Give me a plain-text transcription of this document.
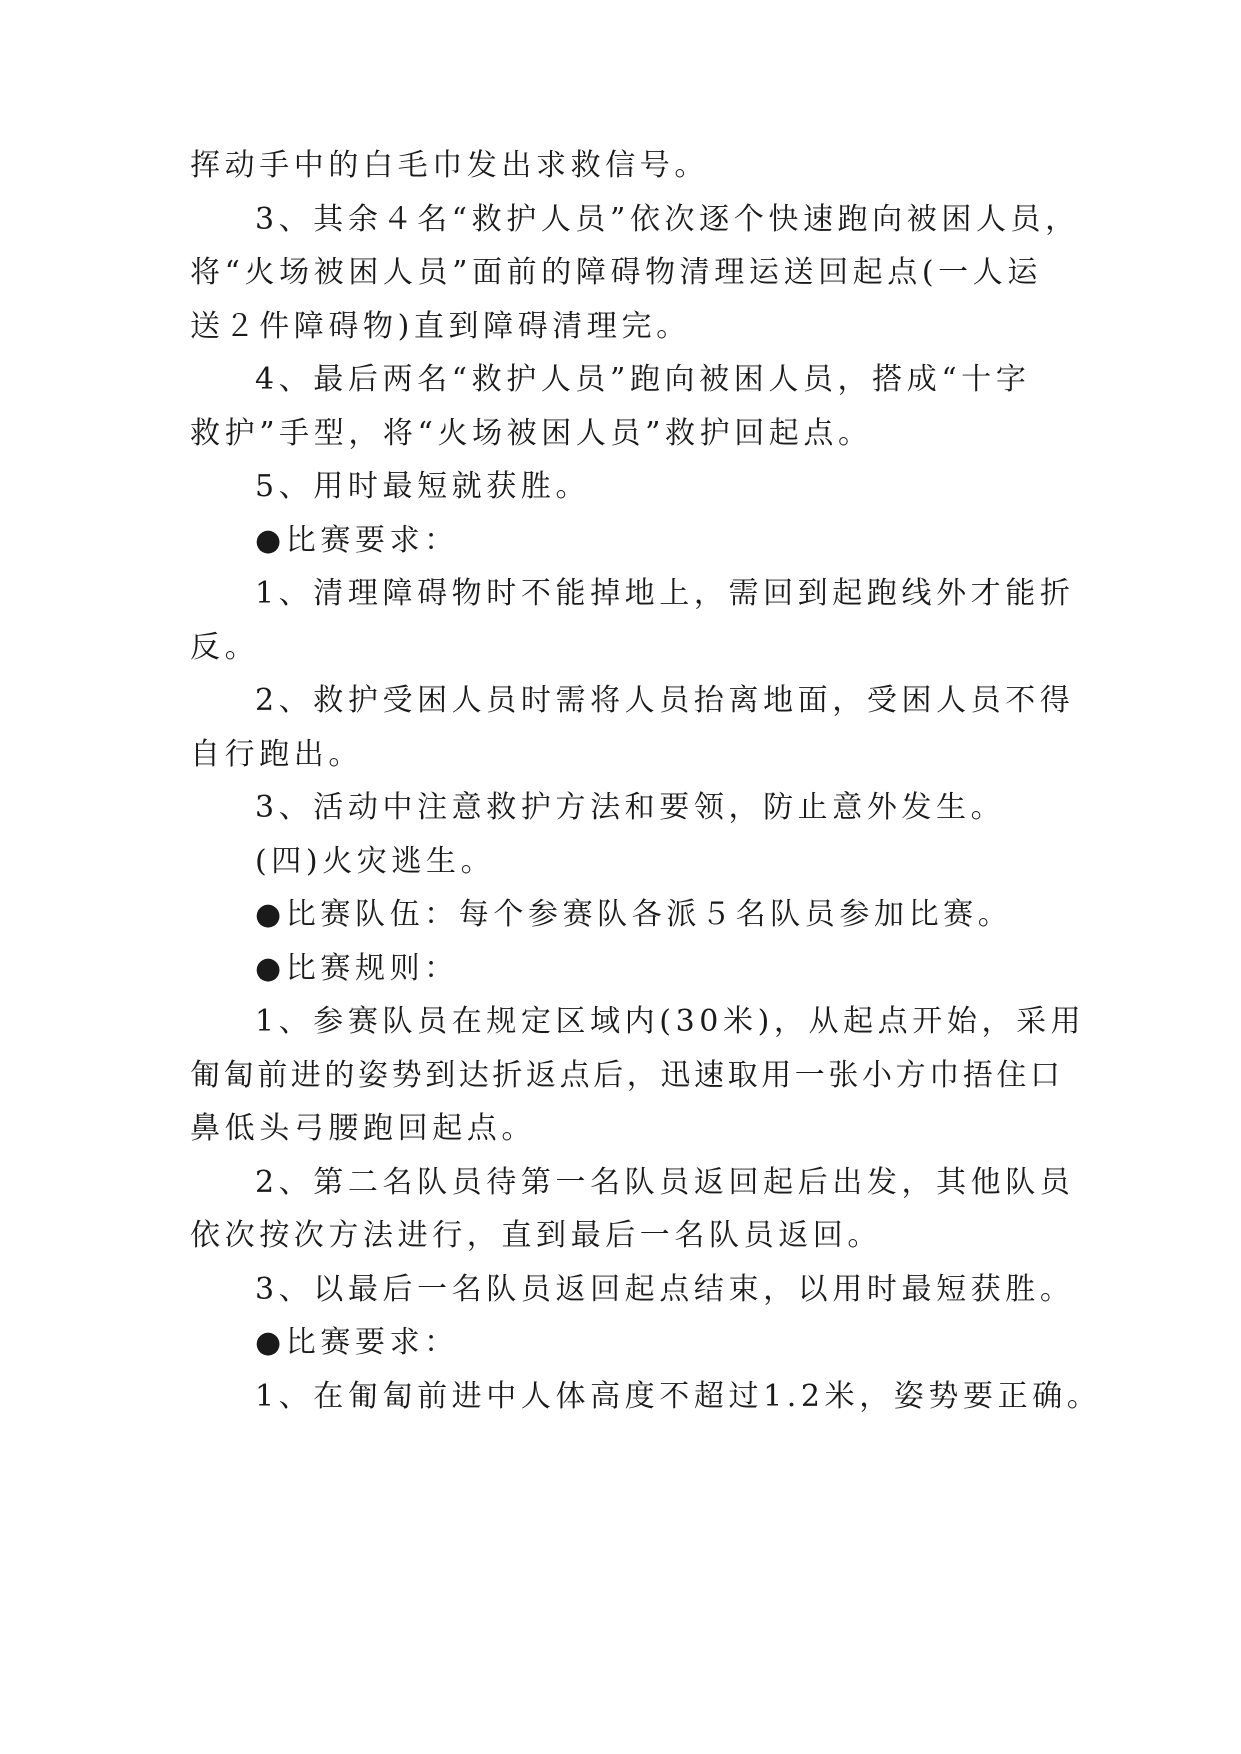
挥动手中的白毛巾发出求救信号。
3、其余４名“救护人员”依次逐个快速跑向被困人员，
将“火场被困人员”面前的障碍物清理运送回起点(一人运
送２件障碍物)直到障碍清理完。
4、最后两名“救护人员”跑向被困人员，搭成“十字
救护”手型，将“火场被困人员”救护回起点。
5、用时最短就获胜。
●比赛要求：
1、清理障碍物时不能掉地上，需回到起跑线外才能折
反。
2、救护受困人员时需将人员抬离地面，受困人员不得
自行跑出。
3、活动中注意救护方法和要领，防止意外发生。
(四)火灾逃生。
●比赛队伍：每个参赛队各派５名队员参加比赛。
●比赛规则：
1、参赛队员在规定区域内(30米)，从起点开始，采用
匍匐前进的姿势到达折返点后，迅速取用一张小方巾捂住口
鼻低头弓腰跑回起点。
2、第二名队员待第一名队员返回起后出发，其他队员
依次按次方法进行，直到最后一名队员返回。
3、以最后一名队员返回起点结束，以用时最短获胜。
●比赛要求：
1、在匍匐前进中人体高度不超过1.2米，姿势要正确。
